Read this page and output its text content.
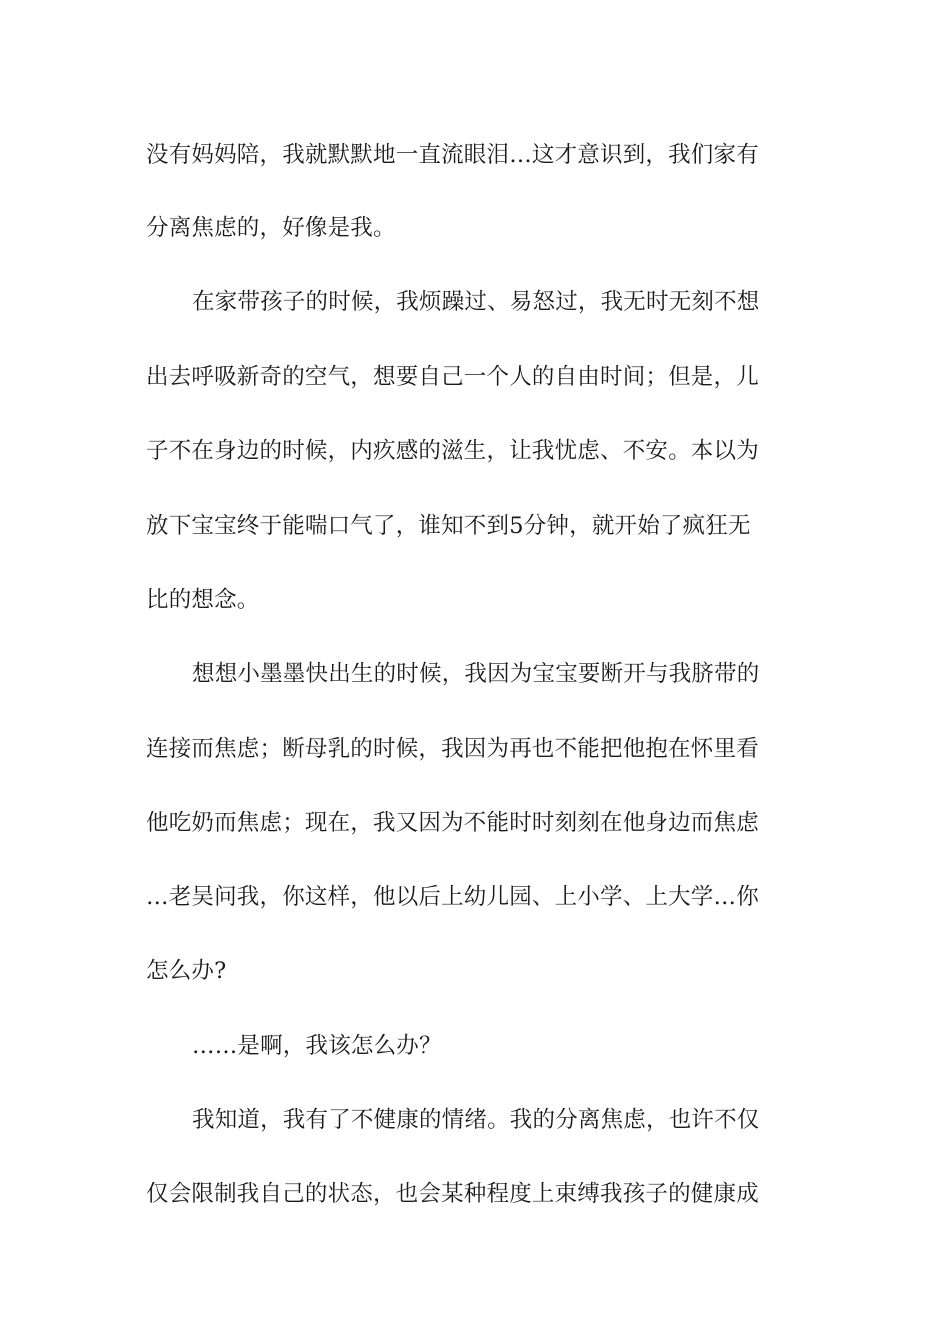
没有妈妈陪，我就默默地一直流眼泪…这才意识到，我们家有
分离焦虑的，好像是我。
在家带孩子的时候，我烦躁过、易怒过，我无时无刻不想
出去呼吸新奇的空气，想要自己一个人的自由时间；但是，儿
子不在身边的时候，内疚感的滋生，让我忧虑、不安。本以为
放下宝宝终于能喘口气了，谁知不到5分钟，就开始了疯狂无
比的想念。
想想小墨墨快出生的时候，我因为宝宝要断开与我脐带的
连接而焦虑；断母乳的时候，我因为再也不能把他抱在怀里看
他吃奶而焦虑；现在，我又因为不能时时刻刻在他身边而焦虑
…老吴问我，你这样，他以后上幼儿园、上小学、上大学…你
怎么办?
……是啊，我该怎么办？
我知道，我有了不健康的情绪。我的分离焦虑，也许不仅
仅会限制我自己的状态，也会某种程度上束缚我孩子的健康成
